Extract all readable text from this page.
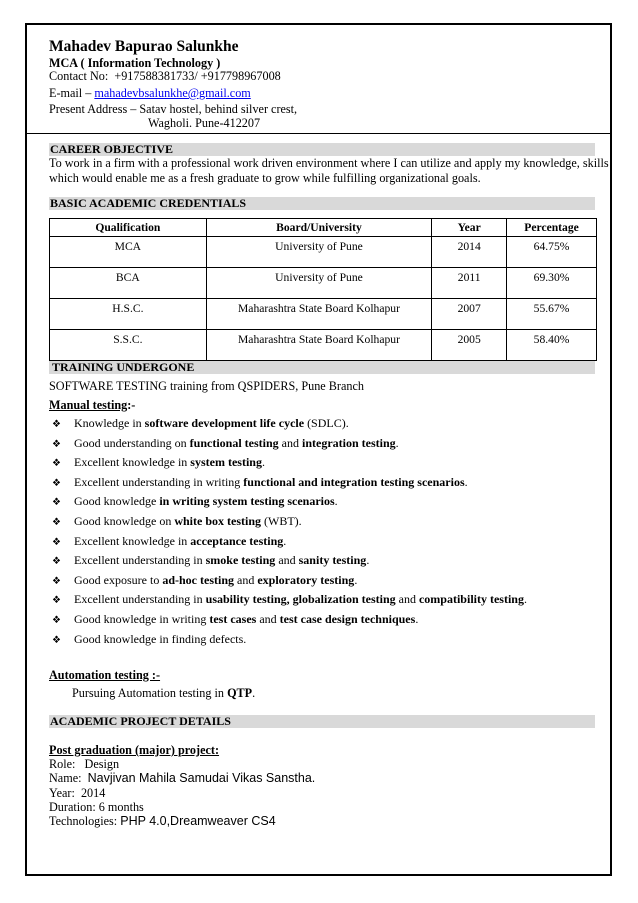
Mahadev Bapurao Salunkhe
MCA ( Information Technology )
Contact No: +917588381733/ +917798967008
E-mail – mahadevbsalunkhe@gmail.com
Present Address – Satav hostel, behind silver crest,
Wagholi. Pune-412207
CAREER OBJECTIVE
To work in a firm with a professional work driven environment where I can utilize and apply my knowledge, skills
which would enable me as a fresh graduate to grow while fulfilling organizational goals.
BASIC ACADEMIC CREDENTIALS
Qualification	Board/University	Year	Percentage
MCA	University of Pune	2014	64.75%
BCA	University of Pune	2011	69.30%
H.S.C.	Maharashtra State Board Kolhapur	2007	55.67%
S.S.C.	Maharashtra State Board Kolhapur	2005	58.40%
TRAINING UNDERGONE
SOFTWARE TESTING training from QSPIDERS, Pune Branch
Manual testing:-
❖ Knowledge in software development life cycle (SDLC).
❖ Good understanding on functional testing and integration testing.
❖ Excellent knowledge in system testing.
❖ Excellent understanding in writing functional and integration testing scenarios.
❖ Good knowledge in writing system testing scenarios.
❖ Good knowledge on white box testing (WBT).
❖ Excellent knowledge in acceptance testing.
❖ Excellent understanding in smoke testing and sanity testing.
❖ Good exposure to ad-hoc testing and exploratory testing.
❖ Excellent understanding in usability testing, globalization testing and compatibility testing.
❖ Good knowledge in writing test cases and test case design techniques.
❖ Good knowledge in finding defects.
Automation testing :-
Pursuing Automation testing in QTP.
ACADEMIC PROJECT DETAILS
Post graduation (major) project:
Role: Design
Name: Navjivan Mahila Samudai Vikas Sanstha.
Year: 2014
Duration: 6 months
Technologies: PHP 4.0,Dreamweaver CS4
